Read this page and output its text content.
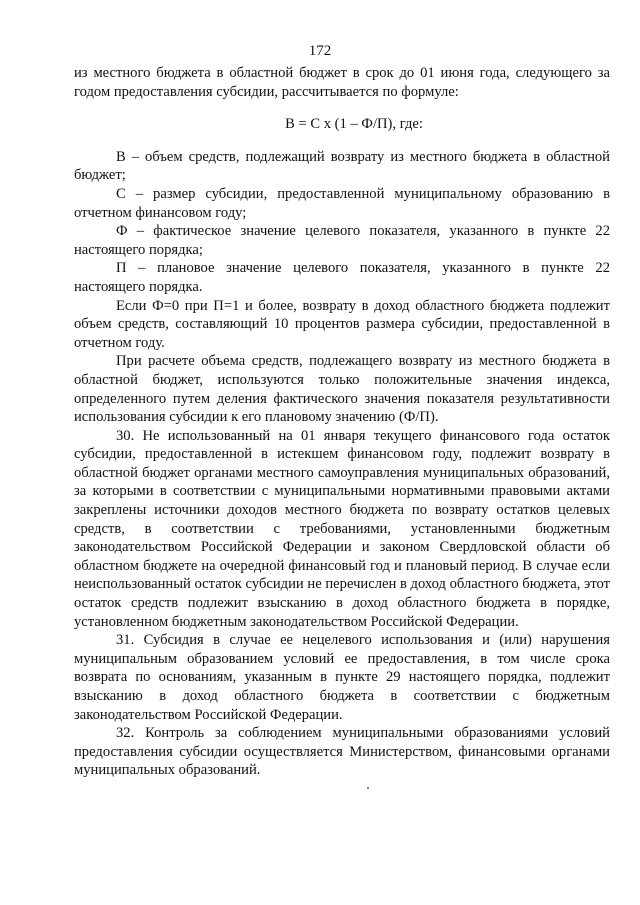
172

из местного бюджета в областной бюджет в срок до 01 июня года, следующего за годом предоставления субсидии, рассчитывается по формуле:

В = С х (1 – Ф/П), где:

В – объем средств, подлежащий возврату из местного бюджета в областной бюджет;

С – размер субсидии, предоставленной муниципальному образованию в отчетном финансовом году;

Ф – фактическое значение целевого показателя, указанного в пункте 22 настоящего порядка;

П – плановое значение целевого показателя, указанного в пункте 22 настоящего порядка.

Если Ф=0 при П=1 и более, возврату в доход областного бюджета подлежит объем средств, составляющий 10 процентов размера субсидии, предоставленной в отчетном году.

При расчете объема средств, подлежащего возврату из местного бюджета в областной бюджет, используются только положительные значения индекса, определенного путем деления фактического значения показателя результативности использования субсидии к его плановому значению (Ф/П).

30. Не использованный на 01 января текущего финансового года остаток субсидии, предоставленной в истекшем финансовом году, подлежит возврату в областной бюджет органами местного самоуправления муниципальных образований, за которыми в соответствии с муниципальными нормативными правовыми актами закреплены источники доходов местного бюджета по возврату остатков целевых средств, в соответствии с требованиями, установленными бюджетным законодательством Российской Федерации и законом Свердловской области об областном бюджете на очередной финансовый год и плановый период. В случае если неиспользованный остаток субсидии не перечислен в доход областного бюджета, этот остаток средств подлежит взысканию в доход областного бюджета в порядке, установленном бюджетным законодательством Российской Федерации.

31. Субсидия в случае ее нецелевого использования и (или) нарушения муниципальным образованием условий ее предоставления, в том числе срока возврата по основаниям, указанным в пункте 29 настоящего порядка, подлежит взысканию в доход областного бюджета в соответствии с бюджетным законодательством Российской Федерации.

32. Контроль за соблюдением муниципальными образованиями условий предоставления субсидии осуществляется Министерством, финансовыми органами муниципальных образований.
